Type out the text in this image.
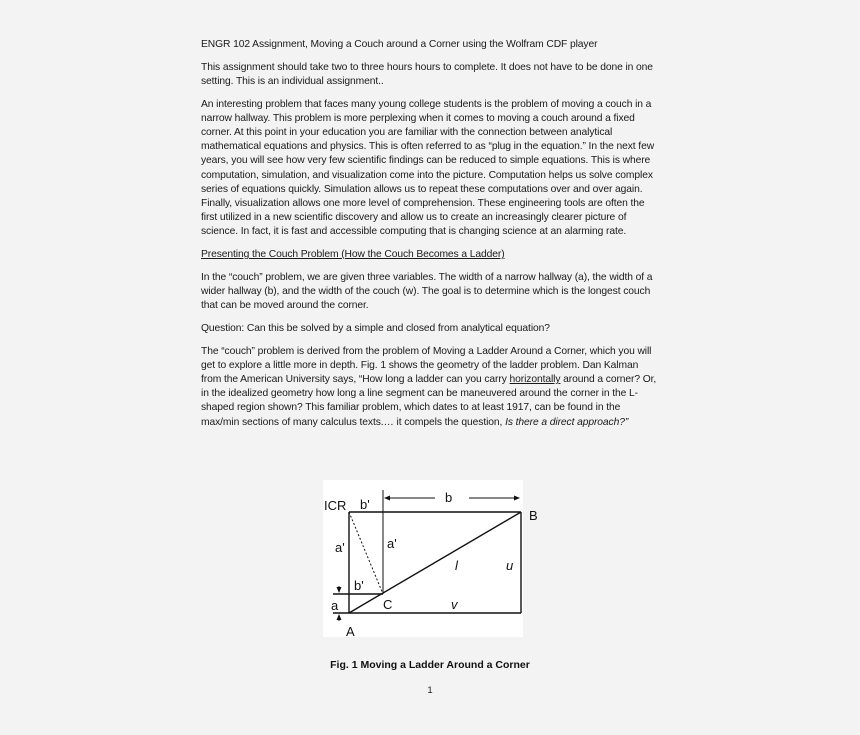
ENGR 102 Assignment, Moving a Couch around a Corner using the Wolfram CDF player

This assignment should take two to three hours hours to complete. It does not have to be done in one setting. This is an individual assignment..

An interesting problem that faces many young college students is the problem of moving a couch in a narrow hallway. This problem is more perplexing when it comes to moving a couch around a fixed corner. At this point in your education you are familiar with the connection between analytical mathematical equations and physics. This is often referred to as “plug in the equation.” In the next few years, you will see how very few scientific findings can be reduced to simple equations. This is where computation, simulation, and visualization come into the picture. Computation helps us solve complex series of equations quickly. Simulation allows us to repeat these computations over and over again. Finally, visualization allows one more level of comprehension. These engineering tools are often the first utilized in a new scientific discovery and allow us to create an increasingly clearer picture of science. In fact, it is fast and accessible computing that is changing science at an alarming rate.

Presenting the Couch Problem (How the Couch Becomes a Ladder)

In the “couch” problem, we are given three variables. The width of a narrow hallway (a), the width of a wider hallway (b), and the width of the couch (w). The goal is to determine which is the longest couch that can be moved around the corner.

Question: Can this be solved by a simple and closed from analytical equation?

The “couch” problem is derived from the problem of Moving a Ladder Around a Corner, which you will get to explore a little more in depth. Fig. 1 shows the geometry of the ladder problem. Dan Kalman from the American University says, “How long a ladder can you carry horizontally around a corner? Or, in the idealized geometry how long a line segment can be maneuvered around the corner in the L-shaped region shown? This familiar problem, which dates to at least 1917, can be found in the max/min sections of many calculus texts.… it compels the question, Is there a direct approach?”

ICR b'	b
B
a'	a'
l	u
b'
a	C	v
A
Fig. 1 Moving a Ladder Around a Corner
1
